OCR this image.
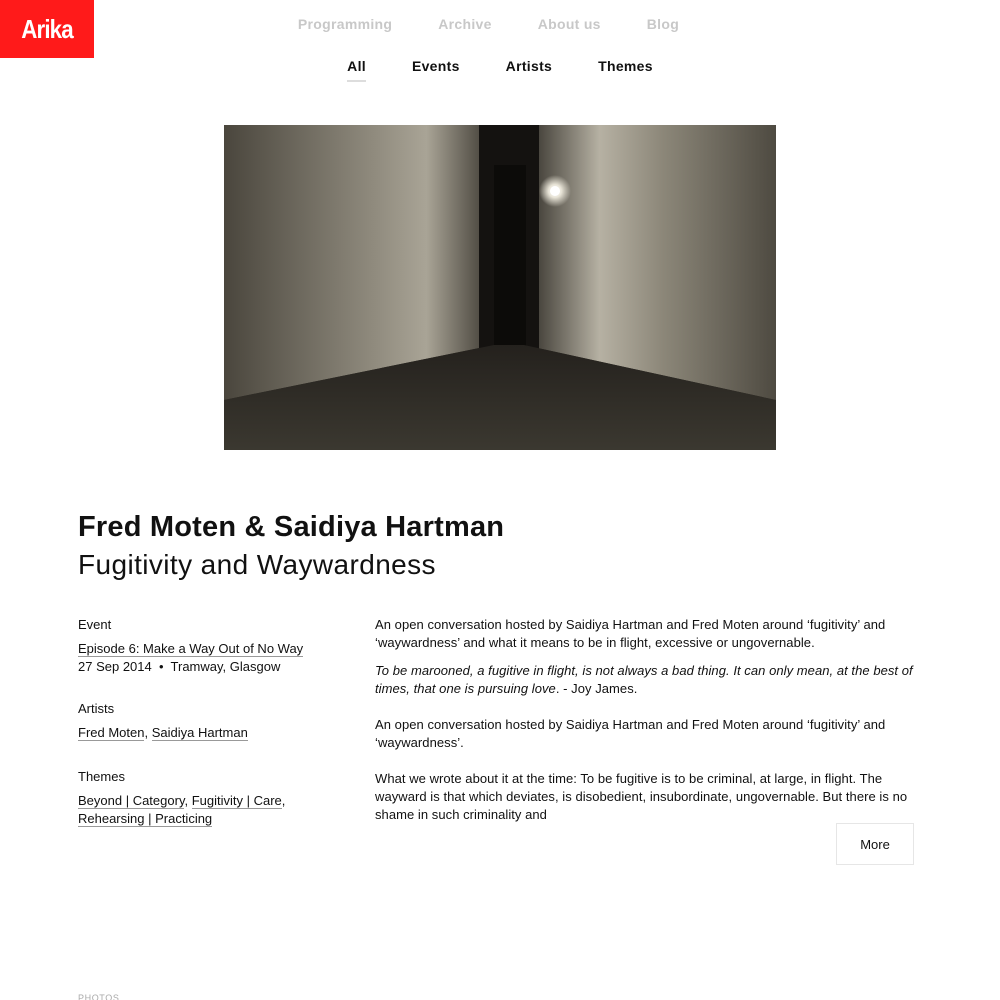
Arika	Programming	Archive	About us	Blog
All	Events	Artists	Themes
Fred Moten & Saidiya Hartman
Fugitivity and Waywardness
Event
Episode 6: Make a Way Out of No Way
27 Sep 2014 • Tramway, Glasgow
Artists
Fred Moten, Saidiya Hartman
Themes
Beyond | Category, Fugitivity | Care,
Rehearsing | Practicing

An open conversation hosted by Saidiya Hartman and Fred Moten around ‘fugitivity’ and ‘waywardness’ and what it means to be in flight, excessive or ungovernable.

To be marooned, a fugitive in flight, is not always a bad thing. It can only mean, at the best of times, that one is pursuing love. - Joy James.

An open conversation hosted by Saidiya Hartman and Fred Moten around ‘fugitivity’ and ‘waywardness’.

What we wrote about it at the time: To be fugitive is to be criminal, at large, in flight. The wayward is that which deviates, is disobedient, insubordinate, ungovernable. But there is no shame in such criminality and

More
PHOTOS
